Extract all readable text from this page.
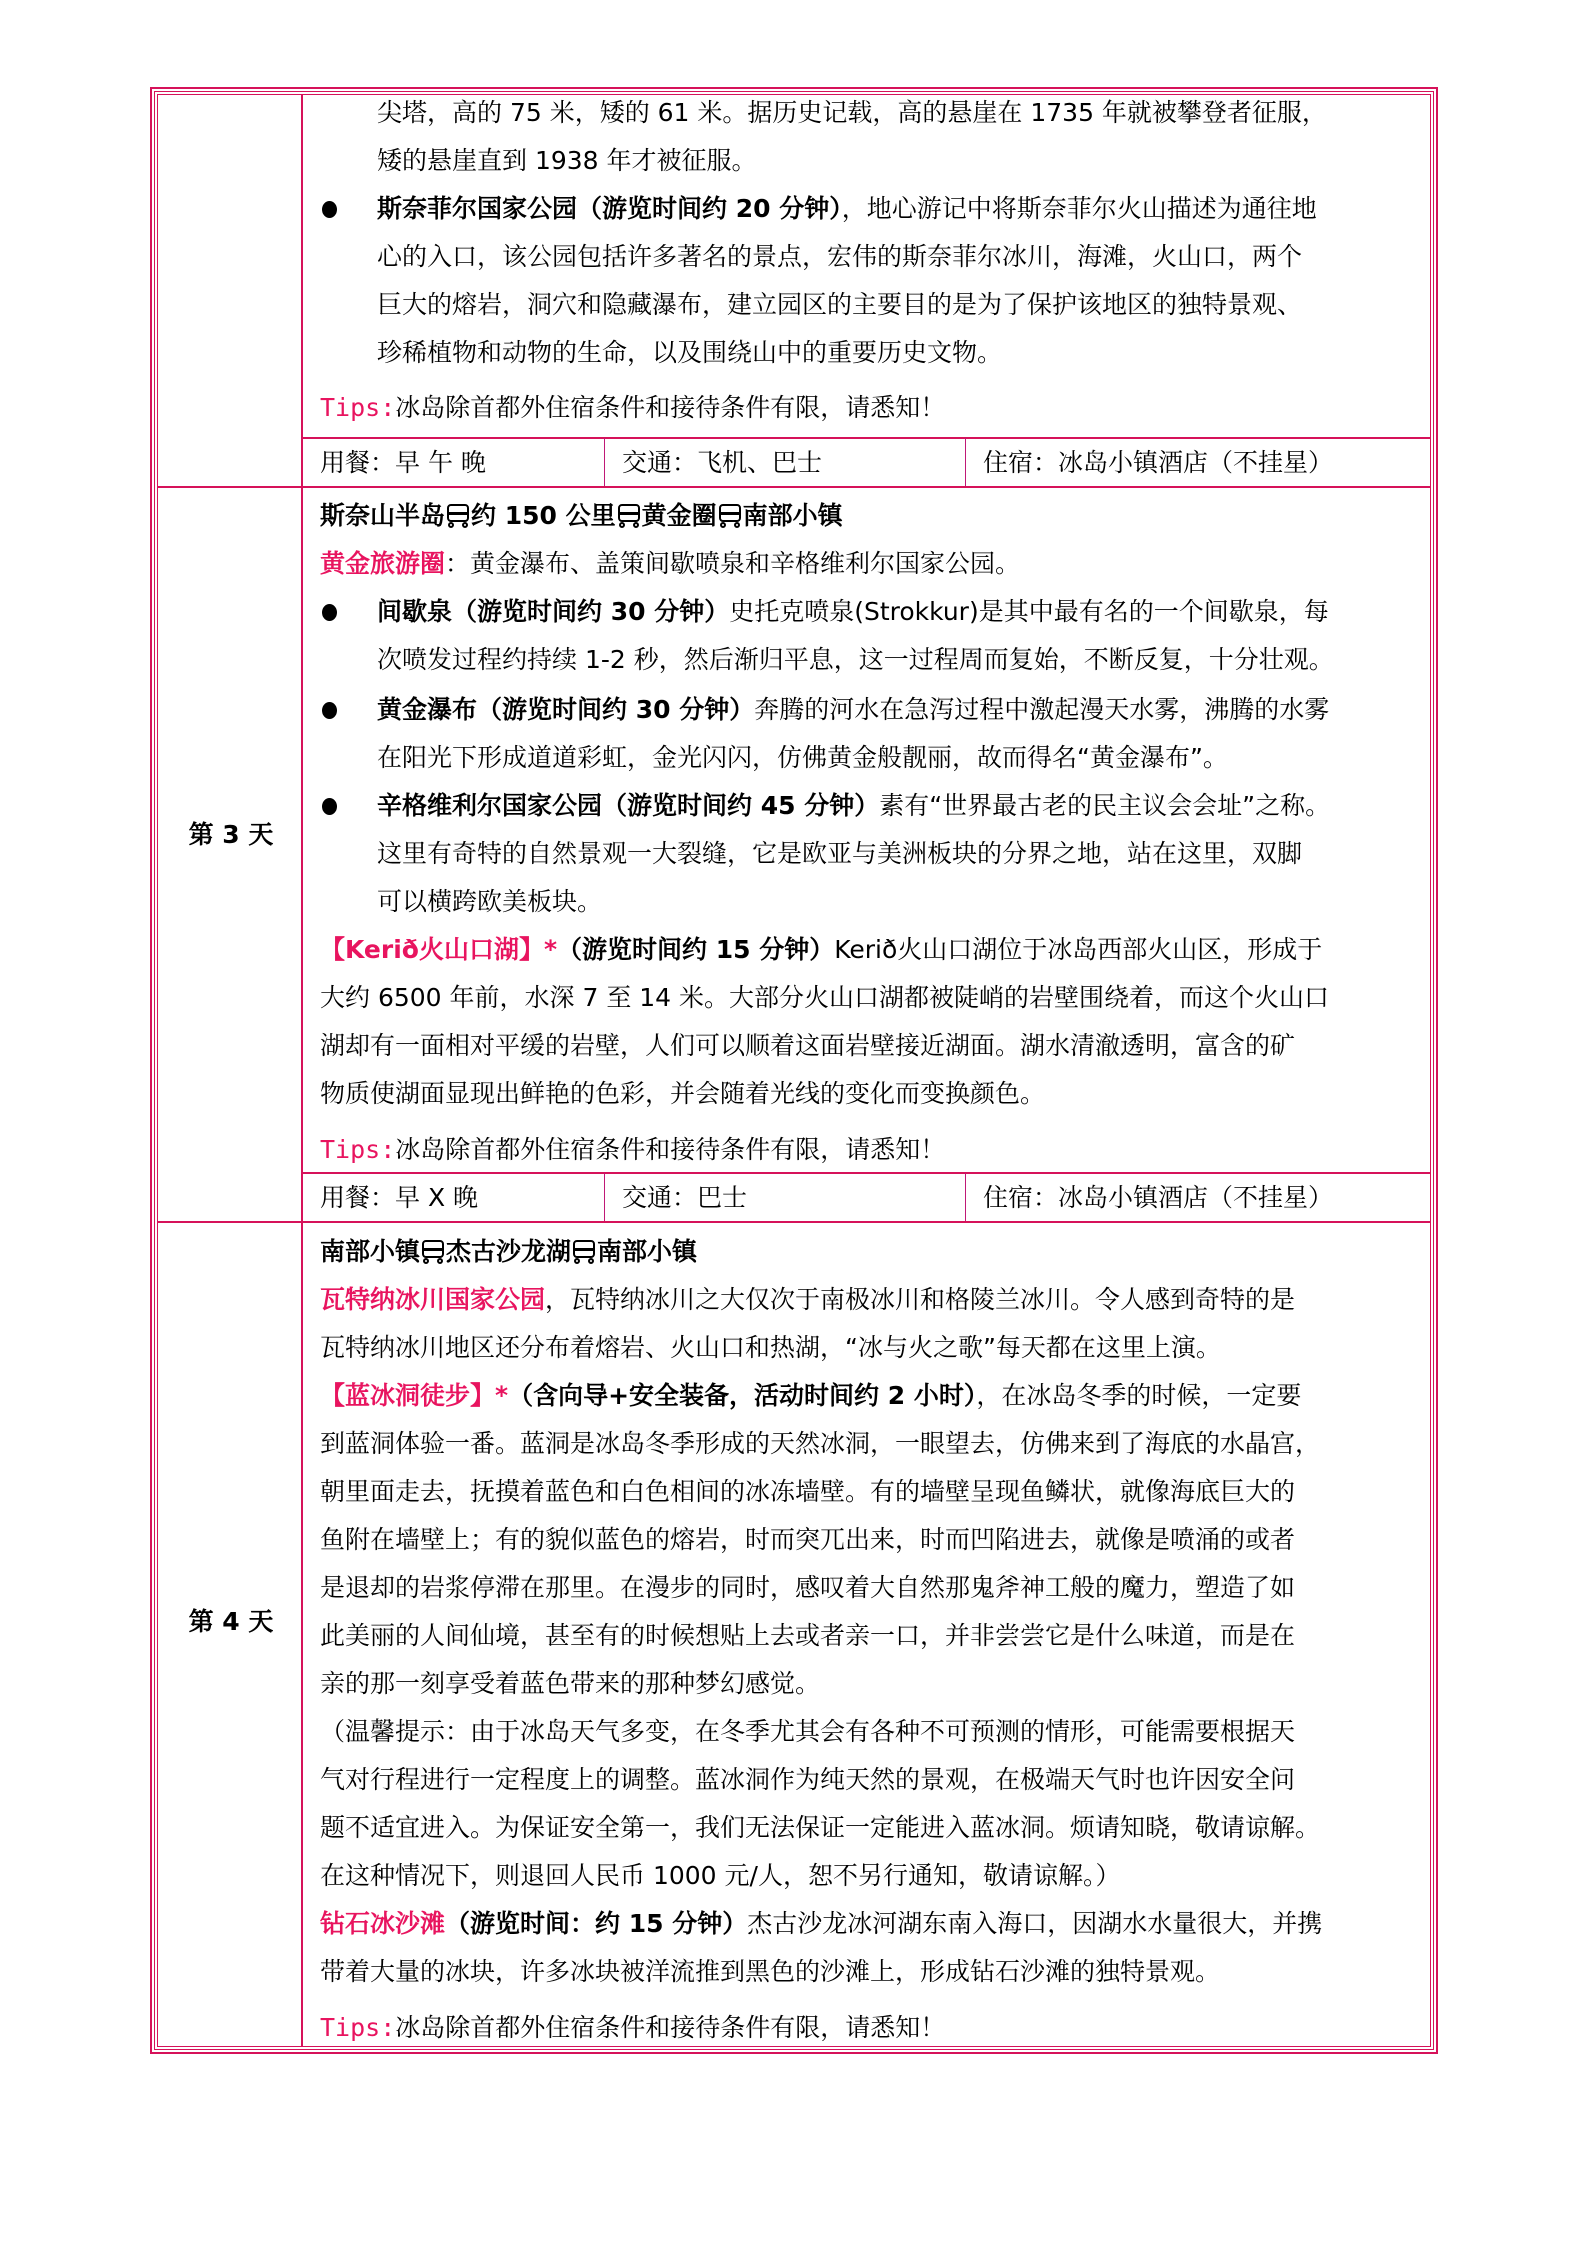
尖塔，高的 75 米，矮的 61 米。据历史记载，高的悬崖在 1735 年就被攀登者征服，
矮的悬崖直到 1938 年才被征服。
斯奈菲尔国家公园（游览时间约 20 分钟），地心游记中将斯奈菲尔火山描述为通往地
心的入口，该公园包括许多著名的景点，宏伟的斯奈菲尔冰川，海滩，火山口，两个
巨大的熔岩，洞穴和隐藏瀑布，建立园区的主要目的是为了保护该地区的独特景观、
珍稀植物和动物的生命，以及围绕山中的重要历史文物。
Tips:冰岛除首都外住宿条件和接待条件有限，请悉知！
用餐：早 午 晚	交通：飞机、巴士	住宿：冰岛小镇酒店（不挂星）
第 3 天
斯奈山半岛 约 150 公里 黄金圈 南部小镇
黄金旅游圈：黄金瀑布、盖策间歇喷泉和辛格维利尔国家公园。
间歇泉（游览时间约 30 分钟）史托克喷泉(Strokkur)是其中最有名的一个间歇泉，每
次喷发过程约持续 1-2 秒，然后渐归平息，这一过程周而复始，不断反复，十分壮观。
黄金瀑布（游览时间约 30 分钟）奔腾的河水在急泻过程中激起漫天水雾，沸腾的水雾
在阳光下形成道道彩虹，金光闪闪，仿佛黄金般靓丽，故而得名“黄金瀑布”。
辛格维利尔国家公园（游览时间约 45 分钟）素有“世界最古老的民主议会会址”之称。
这里有奇特的自然景观一大裂缝，它是欧亚与美洲板块的分界之地，站在这里，双脚
可以横跨欧美板块。
【Kerið火山口湖】*（游览时间约 15 分钟）Kerið火山口湖位于冰岛西部火山区，形成于
大约 6500 年前，水深 7 至 14 米。大部分火山口湖都被陡峭的岩壁围绕着，而这个火山口
湖却有一面相对平缓的岩壁，人们可以顺着这面岩壁接近湖面。湖水清澈透明，富含的矿
物质使湖面显现出鲜艳的色彩，并会随着光线的变化而变换颜色。
Tips:冰岛除首都外住宿条件和接待条件有限，请悉知！
用餐：早 X 晚	交通：巴士	住宿：冰岛小镇酒店（不挂星）
第 4 天
南部小镇 杰古沙龙湖 南部小镇
瓦特纳冰川国家公园，瓦特纳冰川之大仅次于南极冰川和格陵兰冰川。令人感到奇特的是
瓦特纳冰川地区还分布着熔岩、火山口和热湖，“冰与火之歌”每天都在这里上演。
【蓝冰洞徒步】*（含向导+安全装备，活动时间约 2 小时），在冰岛冬季的时候，一定要
到蓝洞体验一番。蓝洞是冰岛冬季形成的天然冰洞，一眼望去，仿佛来到了海底的水晶宫，
朝里面走去，抚摸着蓝色和白色相间的冰冻墙壁。有的墙壁呈现鱼鳞状，就像海底巨大的
鱼附在墙壁上；有的貌似蓝色的熔岩，时而突兀出来，时而凹陷进去，就像是喷涌的或者
是退却的岩浆停滞在那里。在漫步的同时，感叹着大自然那鬼斧神工般的魔力，塑造了如
此美丽的人间仙境，甚至有的时候想贴上去或者亲一口，并非尝尝它是什么味道，而是在
亲的那一刻享受着蓝色带来的那种梦幻感觉。
（温馨提示：由于冰岛天气多变，在冬季尤其会有各种不可预测的情形，可能需要根据天
气对行程进行一定程度上的调整。蓝冰洞作为纯天然的景观，在极端天气时也许因安全问
题不适宜进入。为保证安全第一，我们无法保证一定能进入蓝冰洞。烦请知晓，敬请谅解。
在这种情况下，则退回人民币 1000 元/人，恕不另行通知，敬请谅解。）
钻石冰沙滩（游览时间：约 15 分钟）杰古沙龙冰河湖东南入海口，因湖水水量很大，并携
带着大量的冰块，许多冰块被洋流推到黑色的沙滩上，形成钻石沙滩的独特景观。
Tips:冰岛除首都外住宿条件和接待条件有限，请悉知！
